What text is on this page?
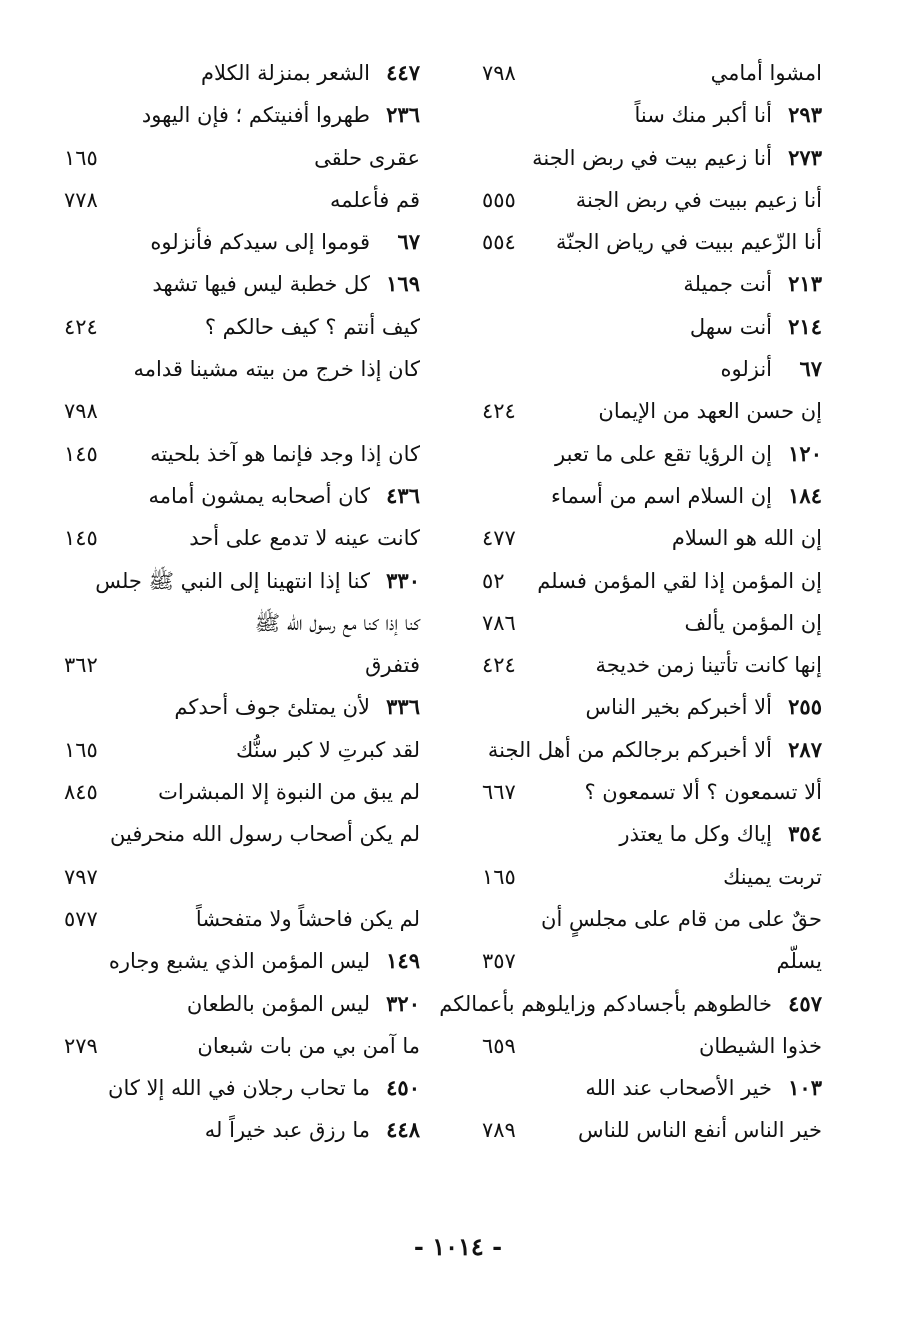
امشوا أمامي
٧٩٨
٢٩٣
أنا أكبر منك سناً
٢٧٣
أنا زعيم بيت في ربض الجنة
أنا زعيم ببيت في ربض الجنة
٥٥٥
أنا الزّعيم ببيت في رياض الجنّة
٥٥٤
٢١٣
أنت جميلة
٢١٤
أنت سهل
٦٧
أنزلوه
إن حسن العهد من الإيمان
٤٢٤
١٢٠
إن الرؤيا تقع على ما تعبر
١٨٤
إن السلام اسم من أسماء
إن الله هو السلام
٤٧٧
إن المؤمن إذا لقي المؤمن فسلم
٥٢
إن المؤمن يألف
٧٨٦
إنها كانت تأتينا زمن خديجة
٤٢٤
٢٥٥
ألا أخبركم بخير الناس
٢٨٧
ألا أخبركم برجالكم من أهل الجنة
ألا تسمعون ؟ ألا تسمعون ؟
٦٦٧
٣٥٤
إياك وكل ما يعتذر
تربت يمينك
١٦٥
حقٌ على من قام على مجلسٍ أن
يسلّم
٣٥٧
٤٥٧
خالطوهم بأجسادكم وزايلوهم بأعمالكم
خذوا الشيطان
٦٥٩
١٠٣
خير الأصحاب عند الله
خير الناس أنفع الناس للناس
٧٨٩
٤٤٧
الشعر بمنزلة الكلام
٢٣٦
طهروا أفنيتكم ؛ فإن اليهود
عقرى حلقى
١٦٥
قم فأعلمه
٧٧٨
٦٧
قوموا إلى سيدكم فأنزلوه
١٦٩
كل خطبة ليس فيها تشهد
كيف أنتم ؟ كيف حالكم ؟
٤٢٤
كان إذا خرج من بيته مشينا قدامه
٧٩٨
كان إذا وجد فإنما هو آخذ بلحيته
١٤٥
٤٣٦
كان أصحابه يمشون أمامه
كانت عينه لا تدمع على أحد
١٤٥
٣٣٠
كنا إذا انتهينا إلى النبي ﷺ جلس
كنا إذا كنا مع رسول الله ﷺ
فتفرق
٣٦٢
٣٣٦
لأن يمتلئ جوف أحدكم
لقد كبرتِ لا كبر سنُّك
١٦٥
لم يبق من النبوة إلا المبشرات
٨٤٥
لم يكن أصحاب رسول الله منحرفين
٧٩٧
لم يكن فاحشاً ولا متفحشاً
٥٧٧
١٤٩
ليس المؤمن الذي يشبع وجاره
٣٢٠
ليس المؤمن بالطعان
ما آمن بي من بات شبعان
٢٧٩
٤٥٠
ما تحاب رجلان في الله إلا كان
٤٤٨
ما رزق عبد خيراً له
- ١٠١٤ -
